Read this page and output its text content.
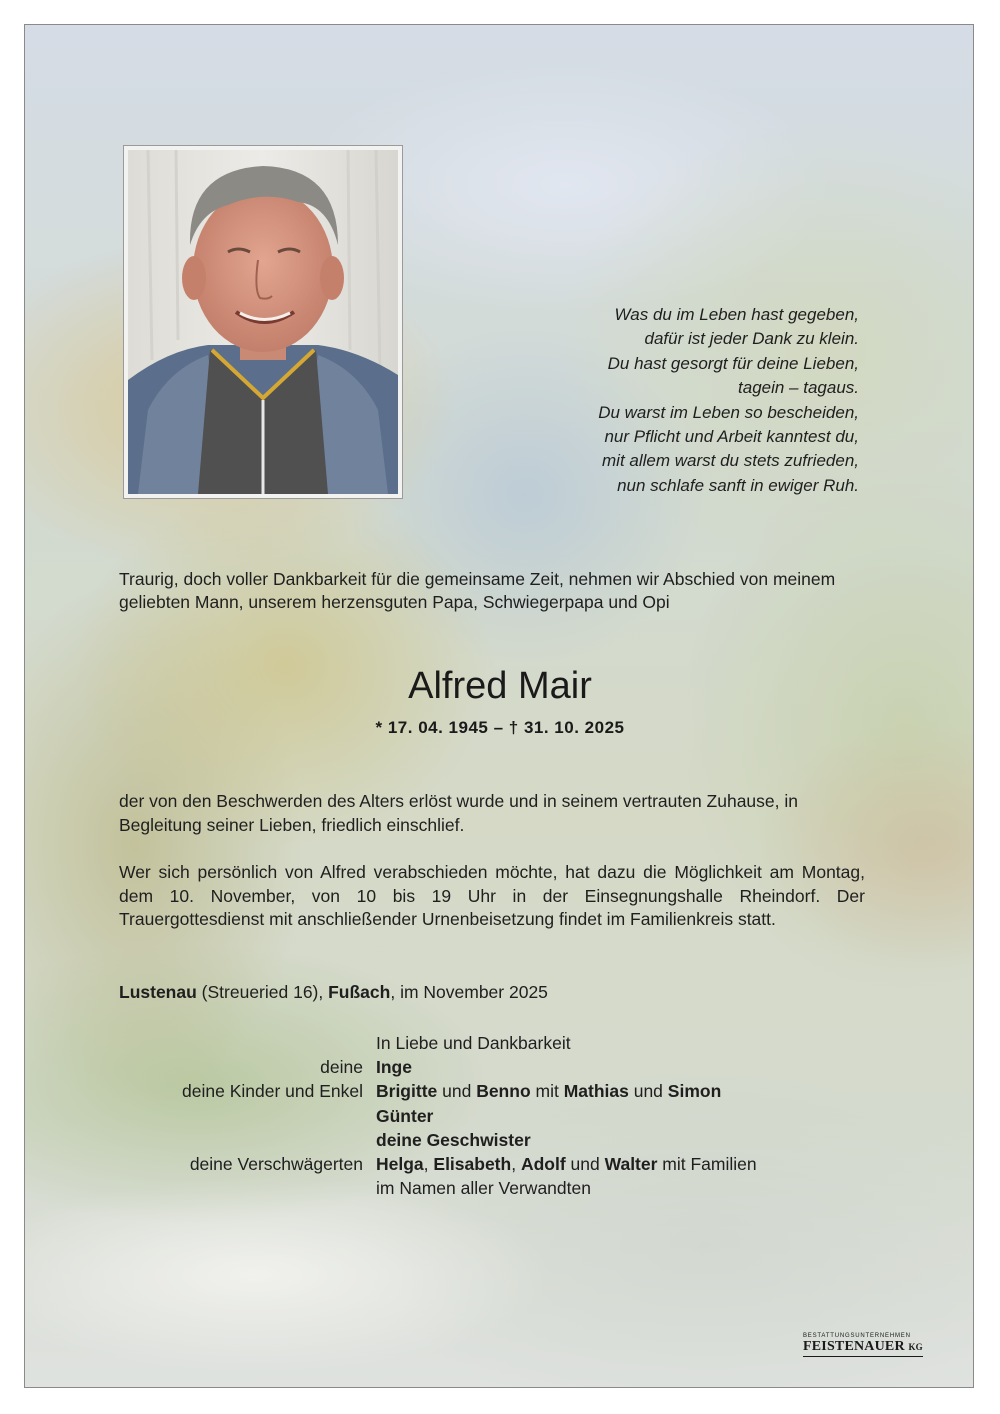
Was du im Leben hast gegeben,
dafür ist jeder Dank zu klein.
Du hast gesorgt für deine Lieben,
tagein – tagaus.
Du warst im Leben so bescheiden,
nur Pflicht und Arbeit kanntest du,
mit allem warst du stets zufrieden,
nun schlafe sanft in ewiger Ruh.
Traurig, doch voller Dankbarkeit für die gemeinsame Zeit, nehmen wir Abschied von meinem geliebten Mann, unserem herzensguten Papa, Schwiegerpapa und Opi
Alfred Mair
* 17. 04. 1945 – † 31. 10. 2025
der von den Beschwerden des Alters erlöst wurde und in seinem vertrauten Zuhause, in Begleitung seiner Lieben, friedlich einschlief.
Wer sich persönlich von Alfred verabschieden möchte, hat dazu die Möglichkeit am Montag, dem 10. November, von 10 bis 19 Uhr in der Einsegnungshalle Rheindorf. Der Trauergottesdienst mit anschließender Urnenbeisetzung findet im Familienkreis statt.
Lustenau (Streueried 16), Fußach, im November 2025
deine
deine Kinder und Enkel
deine Verschwägerten
In Liebe und Dankbarkeit
Inge
Brigitte und Benno mit Mathias und Simon
Günter
deine Geschwister
Helga, Elisabeth, Adolf und Walter mit Familien
im Namen aller Verwandten
BESTATTUNGSUNTERNEHMEN
FEISTENAUER KG
